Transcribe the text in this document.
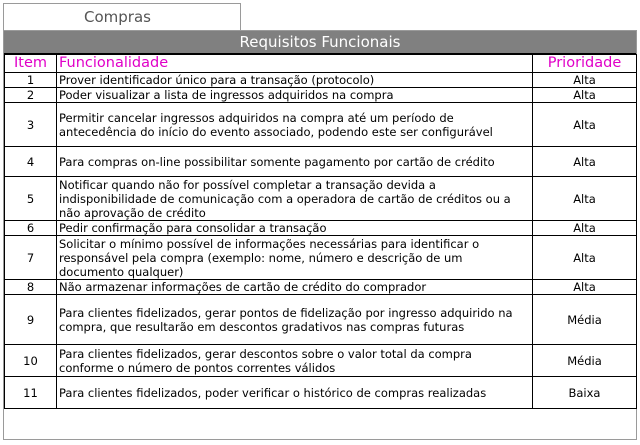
Compras
Requisitos Funcionais
Item	Funcionalidade	Prioridade
1	Prover identificador único para a transação (protocolo)	Alta
2	Poder visualizar a lista de ingressos adquiridos na compra	Alta
3	Permitir cancelar ingressos adquiridos na compra até um período de antecedência do início do evento associado, podendo este ser configurável	Alta
4	Para compras on-line possibilitar somente pagamento por cartão de crédito	Alta
5	Notificar quando não for possível completar a transação devida a indisponibilidade de comunicação com a operadora de cartão de créditos ou a não aprovação de crédito	Alta
6	Pedir confirmação para consolidar a transação	Alta
7	Solicitar o mínimo possível de informações necessárias para identificar o responsável pela compra (exemplo: nome, número e descrição de um documento qualquer)	Alta
8	Não armazenar informações de cartão de crédito do comprador	Alta
9	Para clientes fidelizados, gerar pontos de fidelização por ingresso adquirido na compra, que resultarão em descontos gradativos nas compras futuras	Média
10	Para clientes fidelizados, gerar descontos sobre o valor total da compra conforme o número de pontos correntes válidos	Média
11	Para clientes fidelizados, poder verificar o histórico de compras realizadas	Baixa
